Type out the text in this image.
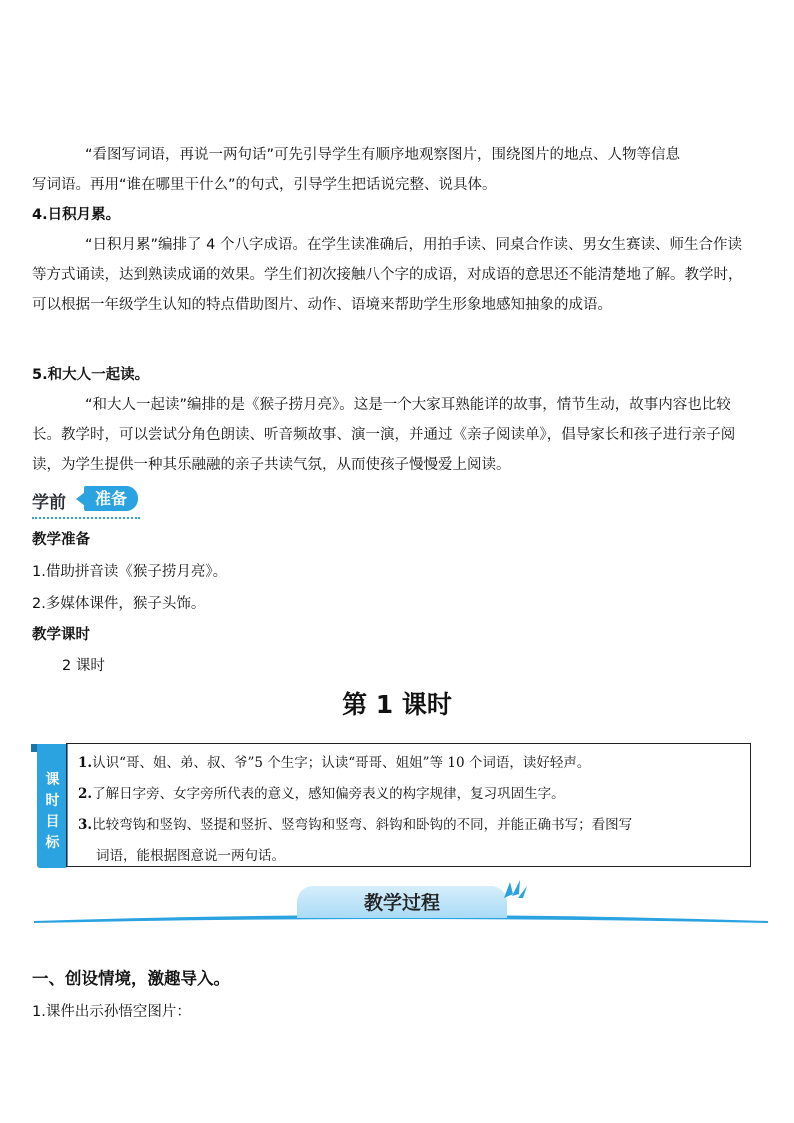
“看图写词语，再说一两句话”可先引导学生有顺序地观察图片，围绕图片的地点、人物等信息
写词语。再用“谁在哪里干什么”的句式，引导学生把话说完整、说具体。
4.日积月累。
“日积月累”编排了 4 个八字成语。在学生读准确后，用拍手读、同桌合作读、男女生赛读、师生合作读等方式诵读，达到熟读成诵的效果。学生们初次接触八个字的成语，对成语的意思还不能清楚地了解。教学时，可以根据一年级学生认知的特点借助图片、动作、语境来帮助学生形象地感知抽象的成语。
5.和大人一起读。
“和大人一起读”编排的是《猴子捞月亮》。这是一个大家耳熟能详的故事，情节生动，故事内容也比较长。教学时，可以尝试分角色朗读、听音频故事、演一演，并通过《亲子阅读单》，倡导家长和孩子进行亲子阅读，为学生提供一种其乐融融的亲子共读气氛，从而使孩子慢慢爱上阅读。
学前	准备
教学准备
1.借助拼音读《猴子捞月亮》。
2.多媒体课件，猴子头饰。
教学课时
2 课时
第 1 课时
课
时
目
标
1.认识“哥、姐、弟、叔、爷”5 个生字；认读“哥哥、姐姐”等 10 个词语，读好轻声。
2.了解日字旁、女字旁所代表的意义，感知偏旁表义的构字规律，复习巩固生字。
3.比较弯钩和竖钩、竖提和竖折、竖弯钩和竖弯、斜钩和卧钩的不同，并能正确书写；看图写
词语，能根据图意说一两句话。
教学过程
一、创设情境，激趣导入。
1.课件出示孙悟空图片：
